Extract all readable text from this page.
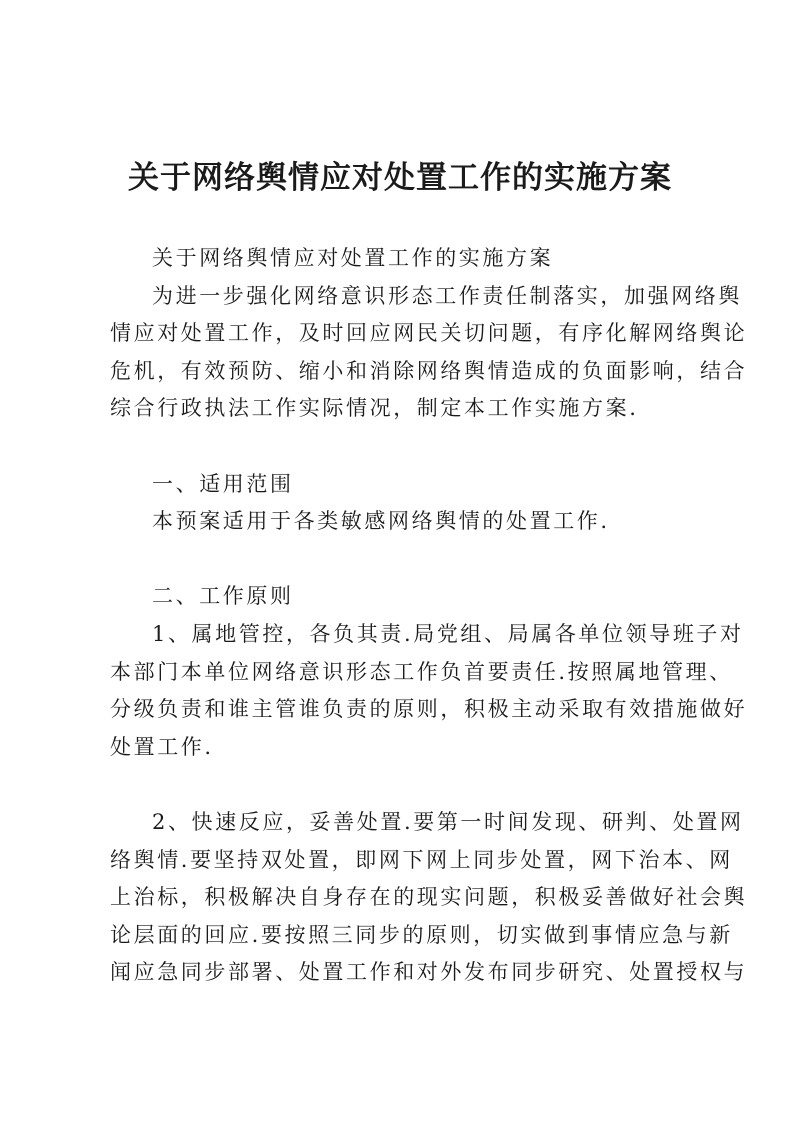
关于网络舆情应对处置工作的实施方案
关于网络舆情应对处置工作的实施方案
为进一步强化网络意识形态工作责任制落实，加强网络舆
情应对处置工作，及时回应网民关切问题，有序化解网络舆论
危机，有效预防、缩小和消除网络舆情造成的负面影响，结合
综合行政执法工作实际情况，制定本工作实施方案.
一、适用范围
本预案适用于各类敏感网络舆情的处置工作.
二、工作原则
1、属地管控，各负其责.局党组、局属各单位领导班子对
本部门本单位网络意识形态工作负首要责任.按照属地管理、
分级负责和谁主管谁负责的原则，积极主动采取有效措施做好
处置工作.
2、快速反应，妥善处置.要第一时间发现、研判、处置网
络舆情.要坚持双处置，即网下网上同步处置，网下治本、网
上治标，积极解决自身存在的现实问题，积极妥善做好社会舆
论层面的回应.要按照三同步的原则，切实做到事情应急与新
闻应急同步部署、处置工作和对外发布同步研究、处置授权与
